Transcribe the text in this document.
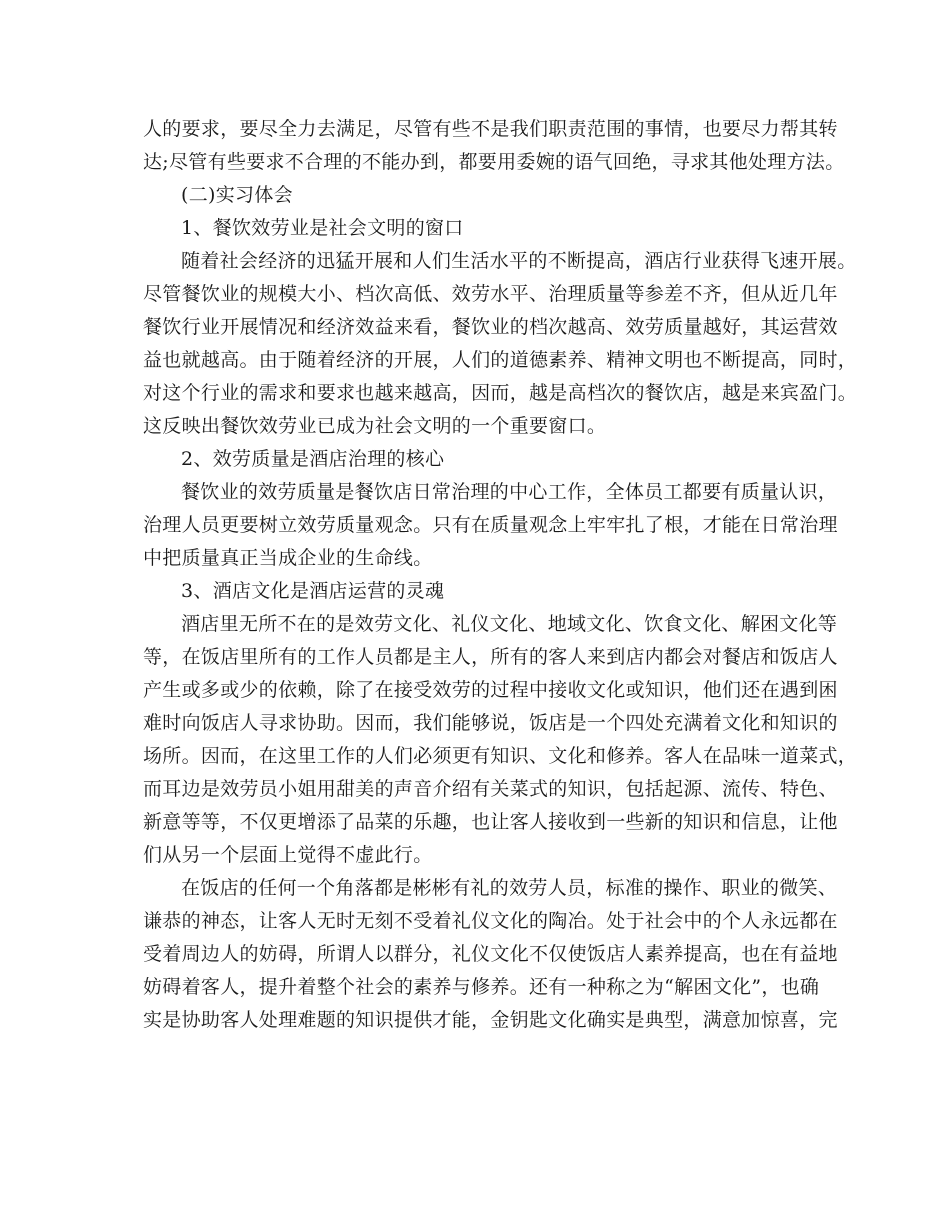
人的要求，要尽全力去满足，尽管有些不是我们职责范围的事情，也要尽力帮其转
达;尽管有些要求不合理的不能办到，都要用委婉的语气回绝，寻求其他处理方法。
(二)实习体会
1、餐饮效劳业是社会文明的窗口
随着社会经济的迅猛开展和人们生活水平的不断提高，酒店行业获得飞速开展。
尽管餐饮业的规模大小、档次高低、效劳水平、治理质量等参差不齐，但从近几年
餐饮行业开展情况和经济效益来看，餐饮业的档次越高、效劳质量越好，其运营效
益也就越高。由于随着经济的开展，人们的道德素养、精神文明也不断提高，同时，
对这个行业的需求和要求也越来越高，因而，越是高档次的餐饮店，越是来宾盈门。
这反映出餐饮效劳业已成为社会文明的一个重要窗口。
2、效劳质量是酒店治理的核心
餐饮业的效劳质量是餐饮店日常治理的中心工作，全体员工都要有质量认识，
治理人员更要树立效劳质量观念。只有在质量观念上牢牢扎了根，才能在日常治理
中把质量真正当成企业的生命线。
3、酒店文化是酒店运营的灵魂
酒店里无所不在的是效劳文化、礼仪文化、地域文化、饮食文化、解困文化等
等，在饭店里所有的工作人员都是主人，所有的客人来到店内都会对餐店和饭店人
产生或多或少的依赖，除了在接受效劳的过程中接收文化或知识，他们还在遇到困
难时向饭店人寻求协助。因而，我们能够说，饭店是一个四处充满着文化和知识的
场所。因而，在这里工作的人们必须更有知识、文化和修养。客人在品味一道菜式，
而耳边是效劳员小姐用甜美的声音介绍有关菜式的知识，包括起源、流传、特色、
新意等等，不仅更增添了品菜的乐趣，也让客人接收到一些新的知识和信息，让他
们从另一个层面上觉得不虚此行。
在饭店的任何一个角落都是彬彬有礼的效劳人员，标准的操作、职业的微笑、
谦恭的神态，让客人无时无刻不受着礼仪文化的陶冶。处于社会中的个人永远都在
受着周边人的妨碍，所谓人以群分，礼仪文化不仅使饭店人素养提高，也在有益地
妨碍着客人，提升着整个社会的素养与修养。还有一种称之为“解困文化”，也确
实是协助客人处理难题的知识提供才能，金钥匙文化确实是典型，满意加惊喜，完
